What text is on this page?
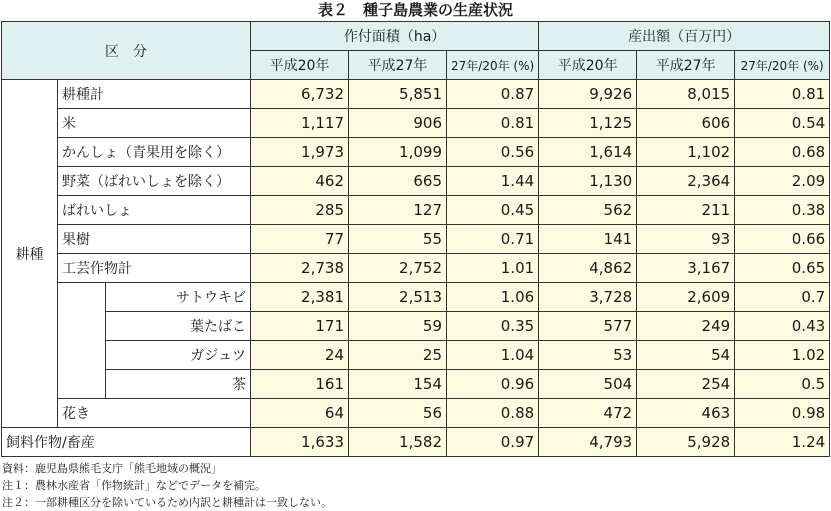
表２　種子島農業の生産状況
区　分			作付面積（ha）			産出額（百万円）		
			平成20年	平成27年	27年/20年 (%)	平成20年	平成27年	27年/20年 (%)
耕種	耕種計		6,732	5,851	0.87	9,926	8,015	0.81
	米		1,117	906	0.81	1,125	606	0.54
	かんしょ（青果用を除く）		1,973	1,099	0.56	1,614	1,102	0.68
	野菜（ばれいしょを除く）		462	665	1.44	1,130	2,364	2.09
	ばれいしょ		285	127	0.45	562	211	0.38
	果樹		77	55	0.71	141	93	0.66
	工芸作物計		2,738	2,752	1.01	4,862	3,167	0.65
		サトウキビ	2,381	2,513	1.06	3,728	2,609	0.7
		葉たばこ	171	59	0.35	577	249	0.43
		ガジュツ	24	25	1.04	53	54	1.02
		茶	161	154	0.96	504	254	0.5
	花き		64	56	0.88	472	463	0.98
飼料作物/畜産			1,633	1,582	0.97	4,793	5,928	1.24
資料：鹿児島県熊毛支庁「熊毛地域の概況」
注１：農林水産省「作物統計」などでデータを補完。
注２：一部耕種区分を除いているため内訳と耕種計は一致しない。
